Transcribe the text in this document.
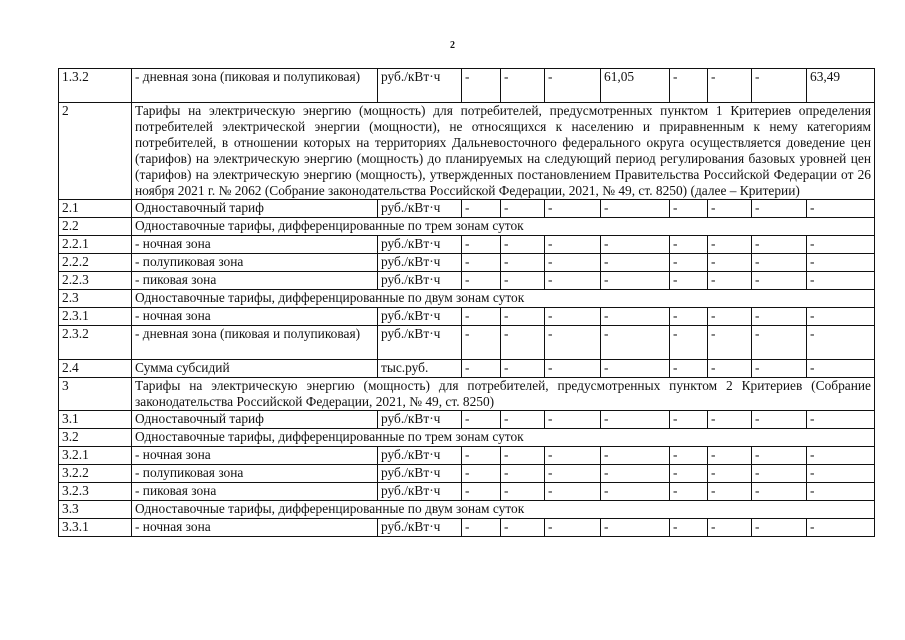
2
1.3.2	- дневная зона (пиковая и полупиковая)	руб./кВт·ч	-	-	-	61,05	-	-	-	63,49
2	Тарифы на электрическую энергию (мощность) для потребителей, предусмотренных пунктом 1 Критериев определения потребителей электрической энергии (мощности), не относящихся к населению и приравненным к нему категориям потребителей, в отношении которых на территориях Дальневосточного федерального округа осуществляется доведение цен (тарифов) на электрическую энергию (мощность) до планируемых на следующий период регулирования базовых уровней цен (тарифов) на электрическую энергию (мощность), утвержденных постановлением Правительства Российской Федерации от 26 ноября 2021 г. № 2062 (Собрание законодательства Российской Федерации, 2021, № 49, ст. 8250) (далее – Критерии)									
2.1	Одноставочный тариф	руб./кВт·ч	-	-	-	-	-	-	-	-
2.2	Одноставочные тарифы, дифференцированные по трем зонам суток									
2.2.1	- ночная зона	руб./кВт·ч	-	-	-	-	-	-	-	-
2.2.2	- полупиковая зона	руб./кВт·ч	-	-	-	-	-	-	-	-
2.2.3	- пиковая зона	руб./кВт·ч	-	-	-	-	-	-	-	-
2.3	Одноставочные тарифы, дифференцированные по двум зонам суток									
2.3.1	- ночная зона	руб./кВт·ч	-	-	-	-	-	-	-	-
2.3.2	- дневная зона (пиковая и полупиковая)	руб./кВт·ч	-	-	-	-	-	-	-	-
2.4	Сумма субсидий	тыс.руб.	-	-	-	-	-	-	-	-
3	Тарифы на электрическую энергию (мощность) для потребителей, предусмотренных пунктом 2 Критериев (Собрание законодательства Российской Федерации, 2021, № 49, ст. 8250)									
3.1	Одноставочный тариф	руб./кВт·ч	-	-	-	-	-	-	-	-
3.2	Одноставочные тарифы, дифференцированные по трем зонам суток									
3.2.1	- ночная зона	руб./кВт·ч	-	-	-	-	-	-	-	-
3.2.2	- полупиковая зона	руб./кВт·ч	-	-	-	-	-	-	-	-
3.2.3	- пиковая зона	руб./кВт·ч	-	-	-	-	-	-	-	-
3.3	Одноставочные тарифы, дифференцированные по двум зонам суток									
3.3.1	- ночная зона	руб./кВт·ч	-	-	-	-	-	-	-	-
